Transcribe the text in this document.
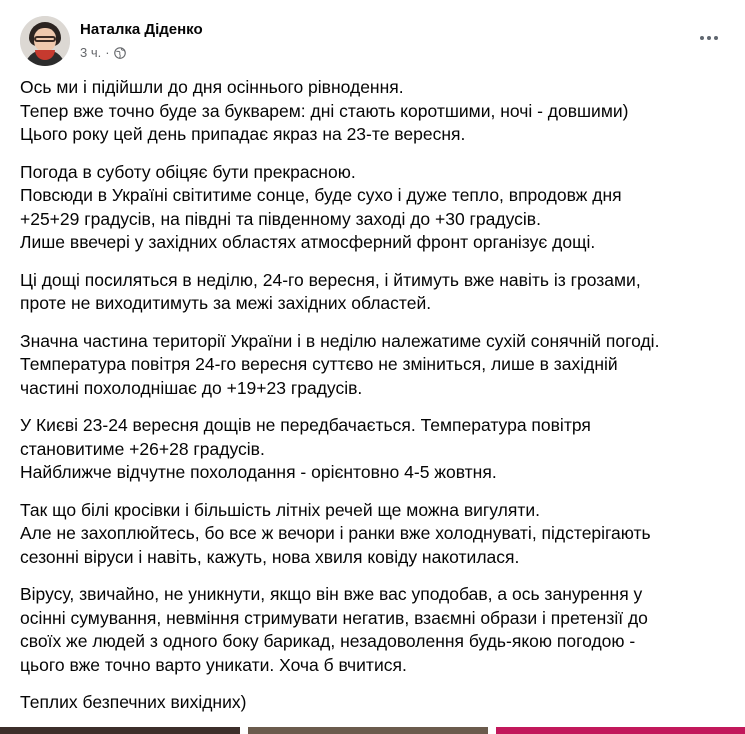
Наталка Діденко
3 ч. ·
Ось ми і підійшли до дня осіннього рівнодення.
Тепер вже точно буде за букварем: дні стають коротшими, ночі - довшими)
Цього року цей день припадає якраз на 23-те вересня.
Погода в суботу обіцяє бути прекрасною.
Повсюди в Україні світитиме сонце, буде сухо і дуже тепло, впродовж дня
+25+29 градусів, на півдні та південному заході до +30 градусів.
Лише ввечері у західних областях атмосферний фронт організує дощі.
Ці дощі посиляться в неділю, 24-го вересня, і йтимуть вже навіть із грозами,
проте не виходитимуть за межі західних областей.
Значна частина території України і в неділю належатиме сухій сонячній погоді.
Температура повітря 24-го вересня суттєво не зміниться, лише в західній
частині похолоднішає до +19+23 градусів.
У Києві 23-24 вересня дощів не передбачається. Температура повітря
становитиме +26+28 градусів.
Найближче відчутне похолодання - орієнтовно 4-5 жовтня.
Так що білі кросівки і більшість літніх речей ще можна вигуляти.
Але не захоплюйтесь, бо все ж вечори і ранки вже холоднуваті, підстерігають
сезонні віруси і навіть, кажуть, нова хвиля ковіду накотилася.
Вірусу, звичайно, не уникнути, якщо він вже вас уподобав, а ось занурення у
осінні сумування, невміння стримувати негатив, взаємні образи і претензії до
своїх же людей з одного боку барикад, незадоволення будь-якою погодою -
цього вже точно варто уникати. Хоча б вчитися.
Теплих безпечних вихідних)
